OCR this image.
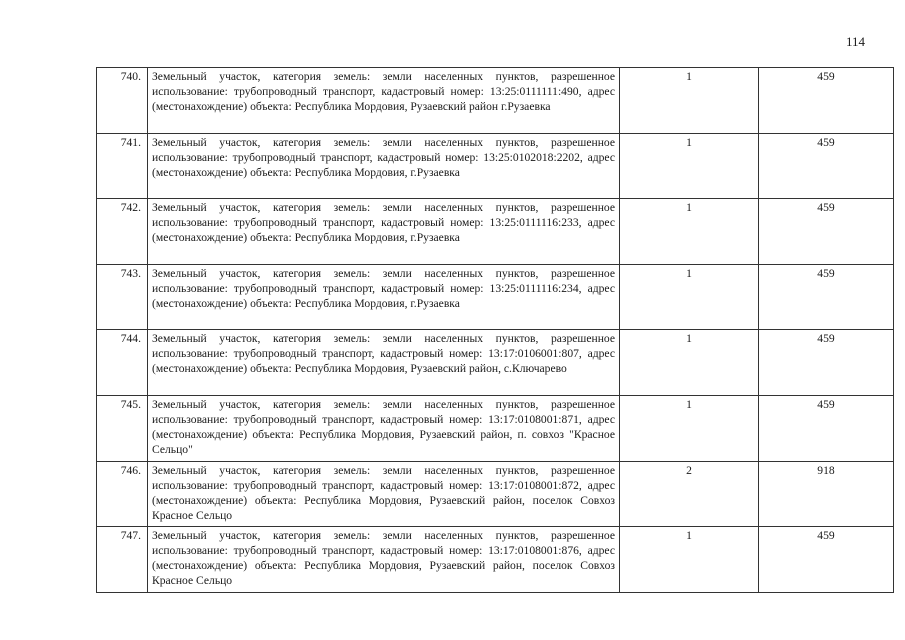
114
740.	Земельный участок, категория земель: земли населенных пунктов, разрешенное использование: трубопроводный транспорт, кадастровый номер: 13:25:0111111:490, адрес (местонахождение) объекта: Республика Мордовия, Рузаевский район г.Рузаевка	1	459
741.	Земельный участок, категория земель: земли населенных пунктов, разрешенное использование: трубопроводный транспорт, кадастровый номер: 13:25:0102018:2202, адрес (местонахождение) объекта: Республика Мордовия, г.Рузаевка	1	459
742.	Земельный участок, категория земель: земли населенных пунктов, разрешенное использование: трубопроводный транспорт, кадастровый номер: 13:25:0111116:233, адрес (местонахождение) объекта: Республика Мордовия, г.Рузаевка	1	459
743.	Земельный участок, категория земель: земли населенных пунктов, разрешенное использование: трубопроводный транспорт, кадастровый номер: 13:25:0111116:234, адрес (местонахождение) объекта: Республика Мордовия, г.Рузаевка	1	459
744.	Земельный участок, категория земель: земли населенных пунктов, разрешенное использование: трубопроводный транспорт, кадастровый номер: 13:17:0106001:807, адрес (местонахождение) объекта: Республика Мордовия, Рузаевский район, с.Ключарево	1	459
745.	Земельный участок, категория земель: земли населенных пунктов, разрешенное использование: трубопроводный транспорт, кадастровый номер: 13:17:0108001:871, адрес (местонахождение) объекта: Республика Мордовия, Рузаевский район, п. совхоз "Красное Сельцо"	1	459
746.	Земельный участок, категория земель: земли населенных пунктов, разрешенное использование: трубопроводный транспорт, кадастровый номер: 13:17:0108001:872, адрес (местонахождение) объекта: Республика Мордовия, Рузаевский район, поселок Совхоз Красное Сельцо	2	918
747.	Земельный участок, категория земель: земли населенных пунктов, разрешенное использование: трубопроводный транспорт, кадастровый номер: 13:17:0108001:876, адрес (местонахождение) объекта: Республика Мордовия, Рузаевский район, поселок Совхоз Красное Сельцо	1	459
